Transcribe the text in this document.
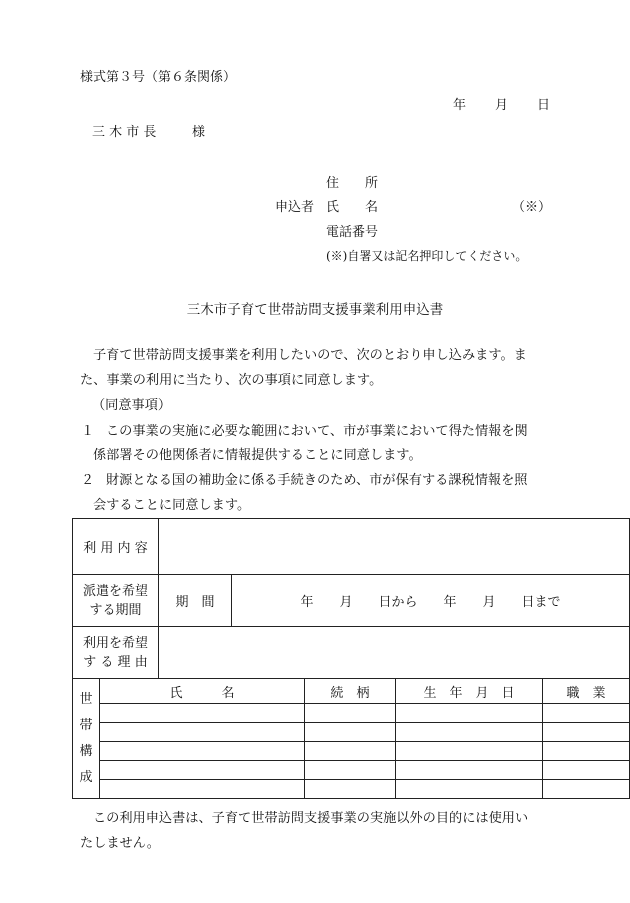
様式第３号（第６条関係）
年 月 日
三 木 市 長	様
住　　所
申込者 氏　　名	（※）
電話番号
(※)自署又は記名押印してください。
三木市子育て世帯訪問支援事業利用申込書
子育て世帯訪問支援事業を利用したいので、次のとおり申し込みます。ま
た、事業の利用に当たり、次の事項に同意します。
（同意事項）
１ この事業の実施に必要な範囲において、市が事業において得た情報を関
係部署その他関係者に情報提供することに同意します。
２ 財源となる国の補助金に係る手続きのため、市が保有する課税情報を照
会することに同意します。
利 用 内 容						

派遣を希望
する期間		期　間	年　　月　　日から　　年　　月　　日まで			

利用を希望
す る 理 由						

世
帯
構
成	氏　　　名			続　柄	生　年　月　日	職　業

この利用申込書は、子育て世帯訪問支援事業の実施以外の目的には使用い
たしません。
